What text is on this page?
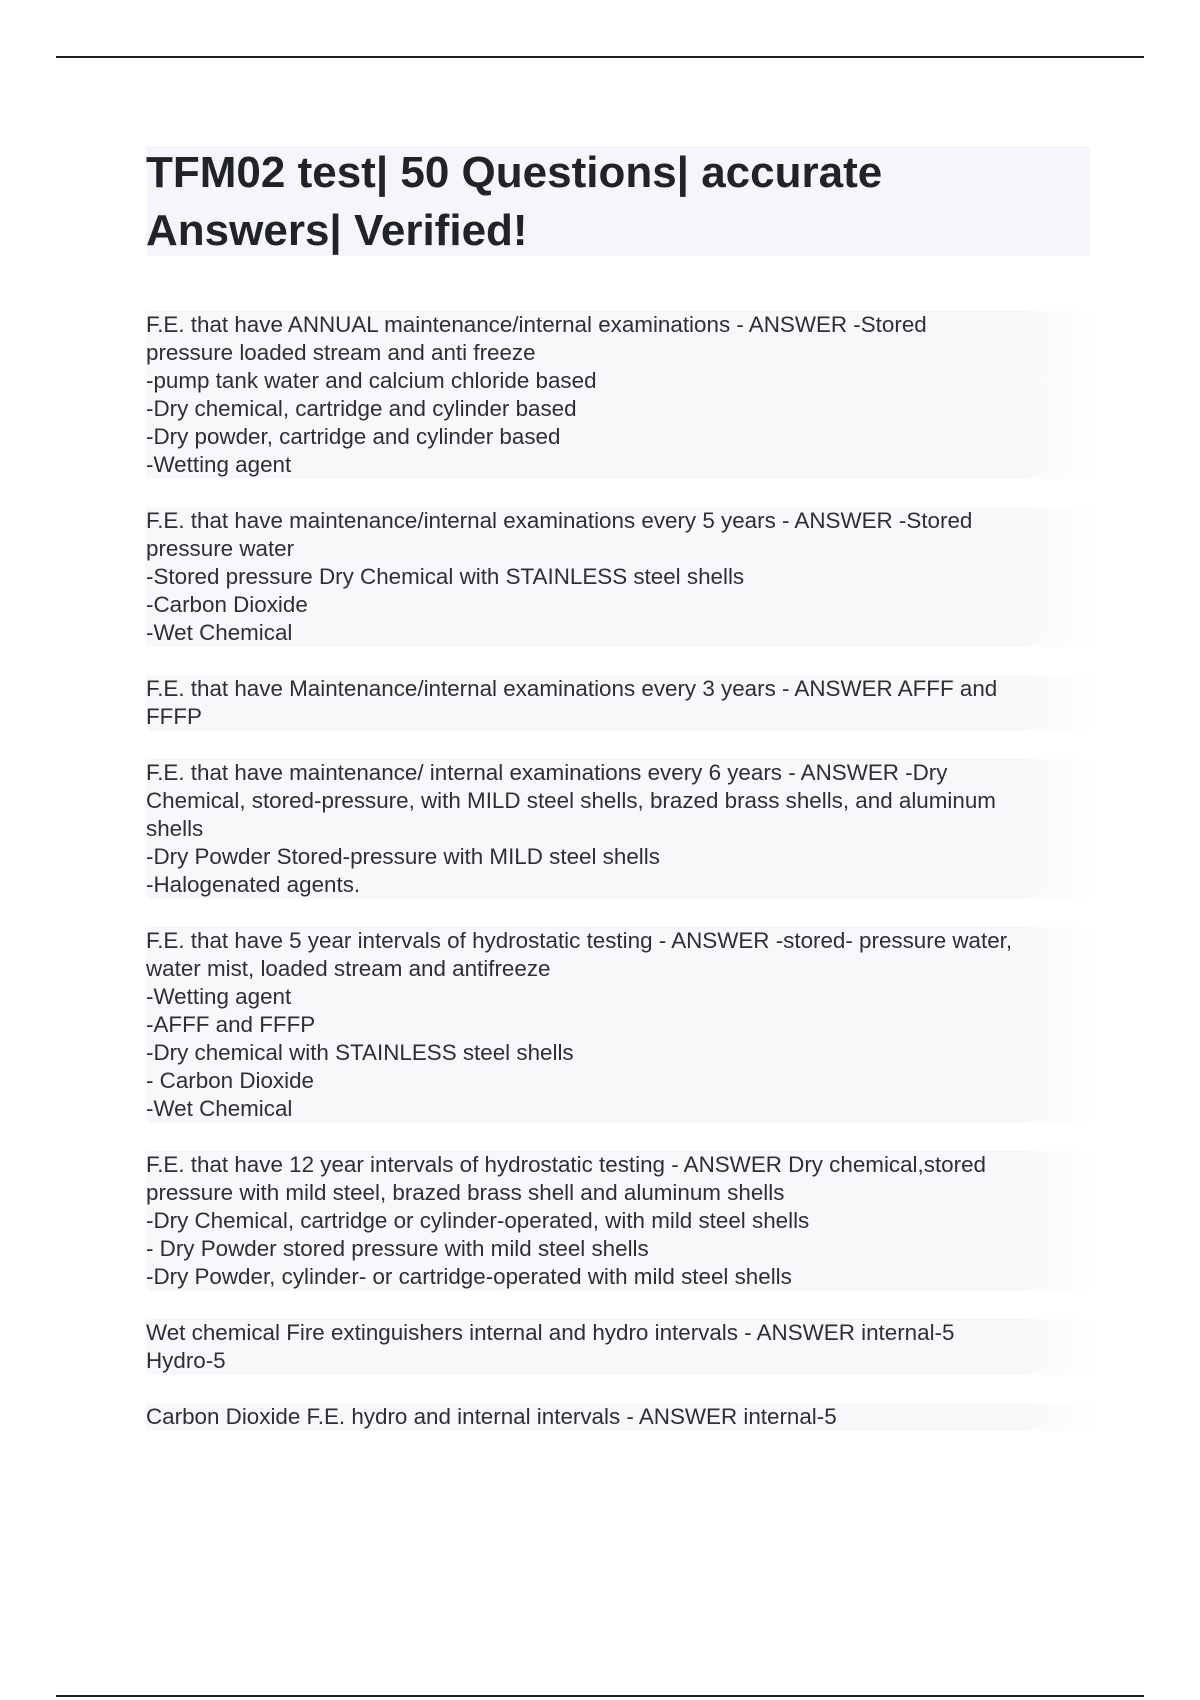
TFM02 test| 50 Questions| accurate
Answers| Verified!

F.E. that have ANNUAL maintenance/internal examinations - ANSWER -Stored
pressure loaded stream and anti freeze
-pump tank water and calcium chloride based
-Dry chemical, cartridge and cylinder based
-Dry powder, cartridge and cylinder based
-Wetting agent

F.E. that have maintenance/internal examinations every 5 years - ANSWER -Stored
pressure water
-Stored pressure Dry Chemical with STAINLESS steel shells
-Carbon Dioxide
-Wet Chemical

F.E. that have Maintenance/internal examinations every 3 years - ANSWER AFFF and
FFFP

F.E. that have maintenance/ internal examinations every 6 years - ANSWER -Dry
Chemical, stored-pressure, with MILD steel shells, brazed brass shells, and aluminum
shells
-Dry Powder Stored-pressure with MILD steel shells
-Halogenated agents.

F.E. that have 5 year intervals of hydrostatic testing - ANSWER -stored- pressure water,
water mist, loaded stream and antifreeze
-Wetting agent
-AFFF and FFFP
-Dry chemical with STAINLESS steel shells
- Carbon Dioxide
-Wet Chemical

F.E. that have 12 year intervals of hydrostatic testing - ANSWER Dry chemical,stored
pressure with mild steel, brazed brass shell and aluminum shells
-Dry Chemical, cartridge or cylinder-operated, with mild steel shells
- Dry Powder stored pressure with mild steel shells
-Dry Powder, cylinder- or cartridge-operated with mild steel shells

Wet chemical Fire extinguishers internal and hydro intervals - ANSWER internal-5
Hydro-5

Carbon Dioxide F.E. hydro and internal intervals - ANSWER internal-5
